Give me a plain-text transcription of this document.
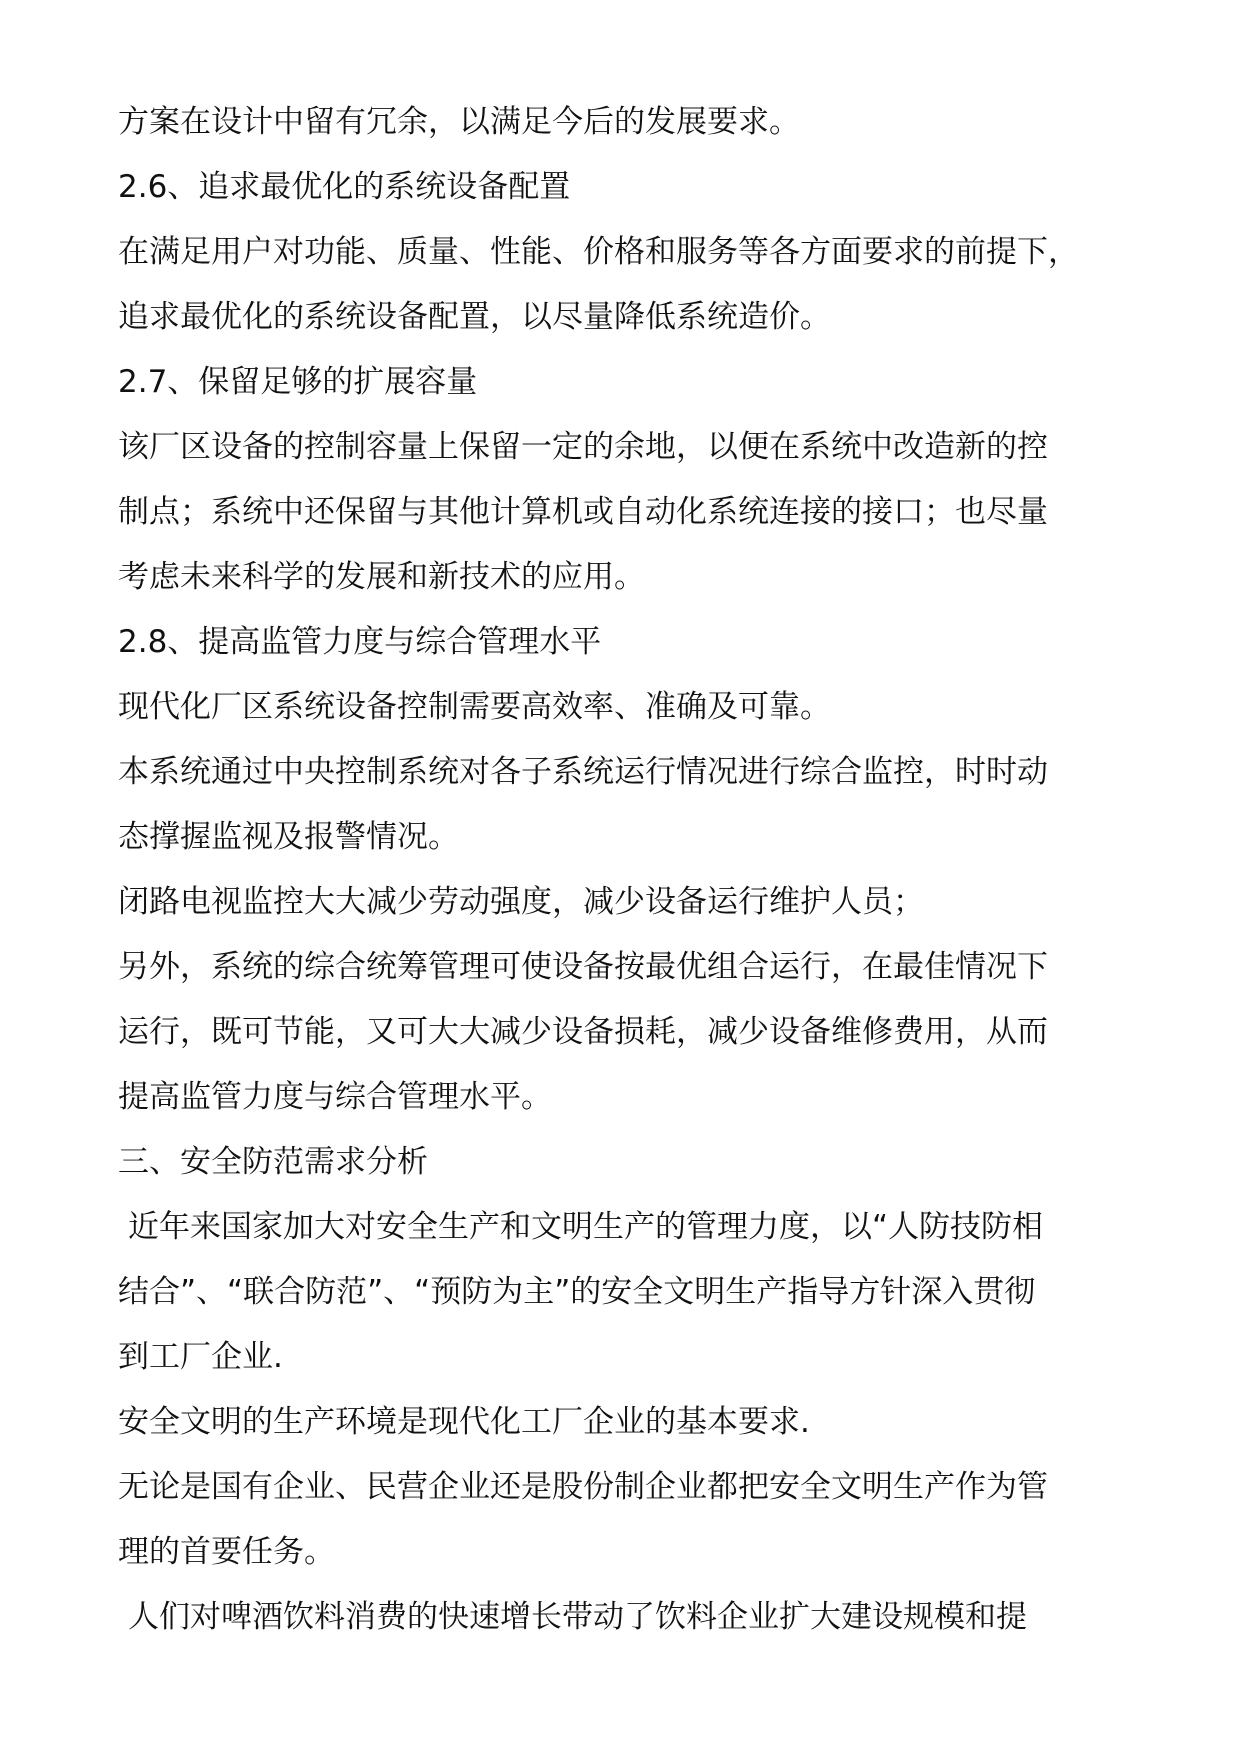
方案在设计中留有冗余，以满足今后的发展要求。
2.6、追求最优化的系统设备配置
在满足用户对功能、质量、性能、价格和服务等各方面要求的前提下，
追求最优化的系统设备配置，以尽量降低系统造价。
2.7、保留足够的扩展容量
该厂区设备的控制容量上保留一定的余地，以便在系统中改造新的控
制点；系统中还保留与其他计算机或自动化系统连接的接口；也尽量
考虑未来科学的发展和新技术的应用。
2.8、提高监管力度与综合管理水平
现代化厂区系统设备控制需要高效率、准确及可靠。
本系统通过中央控制系统对各子系统运行情况进行综合监控，时时动
态撑握监视及报警情况。
闭路电视监控大大减少劳动强度，减少设备运行维护人员；
另外，系统的综合统筹管理可使设备按最优组合运行，在最佳情况下
运行，既可节能，又可大大减少设备损耗，减少设备维修费用，从而
提高监管力度与综合管理水平。
三、安全防范需求分析
近年来国家加大对安全生产和文明生产的管理力度，以“人防技防相
结合”、“联合防范”、“预防为主”的安全文明生产指导方针深入贯彻
到工厂企业.
安全文明的生产环境是现代化工厂企业的基本要求.
无论是国有企业、民营企业还是股份制企业都把安全文明生产作为管
理的首要任务。
人们对啤酒饮料消费的快速增长带动了饮料企业扩大建设规模和提
